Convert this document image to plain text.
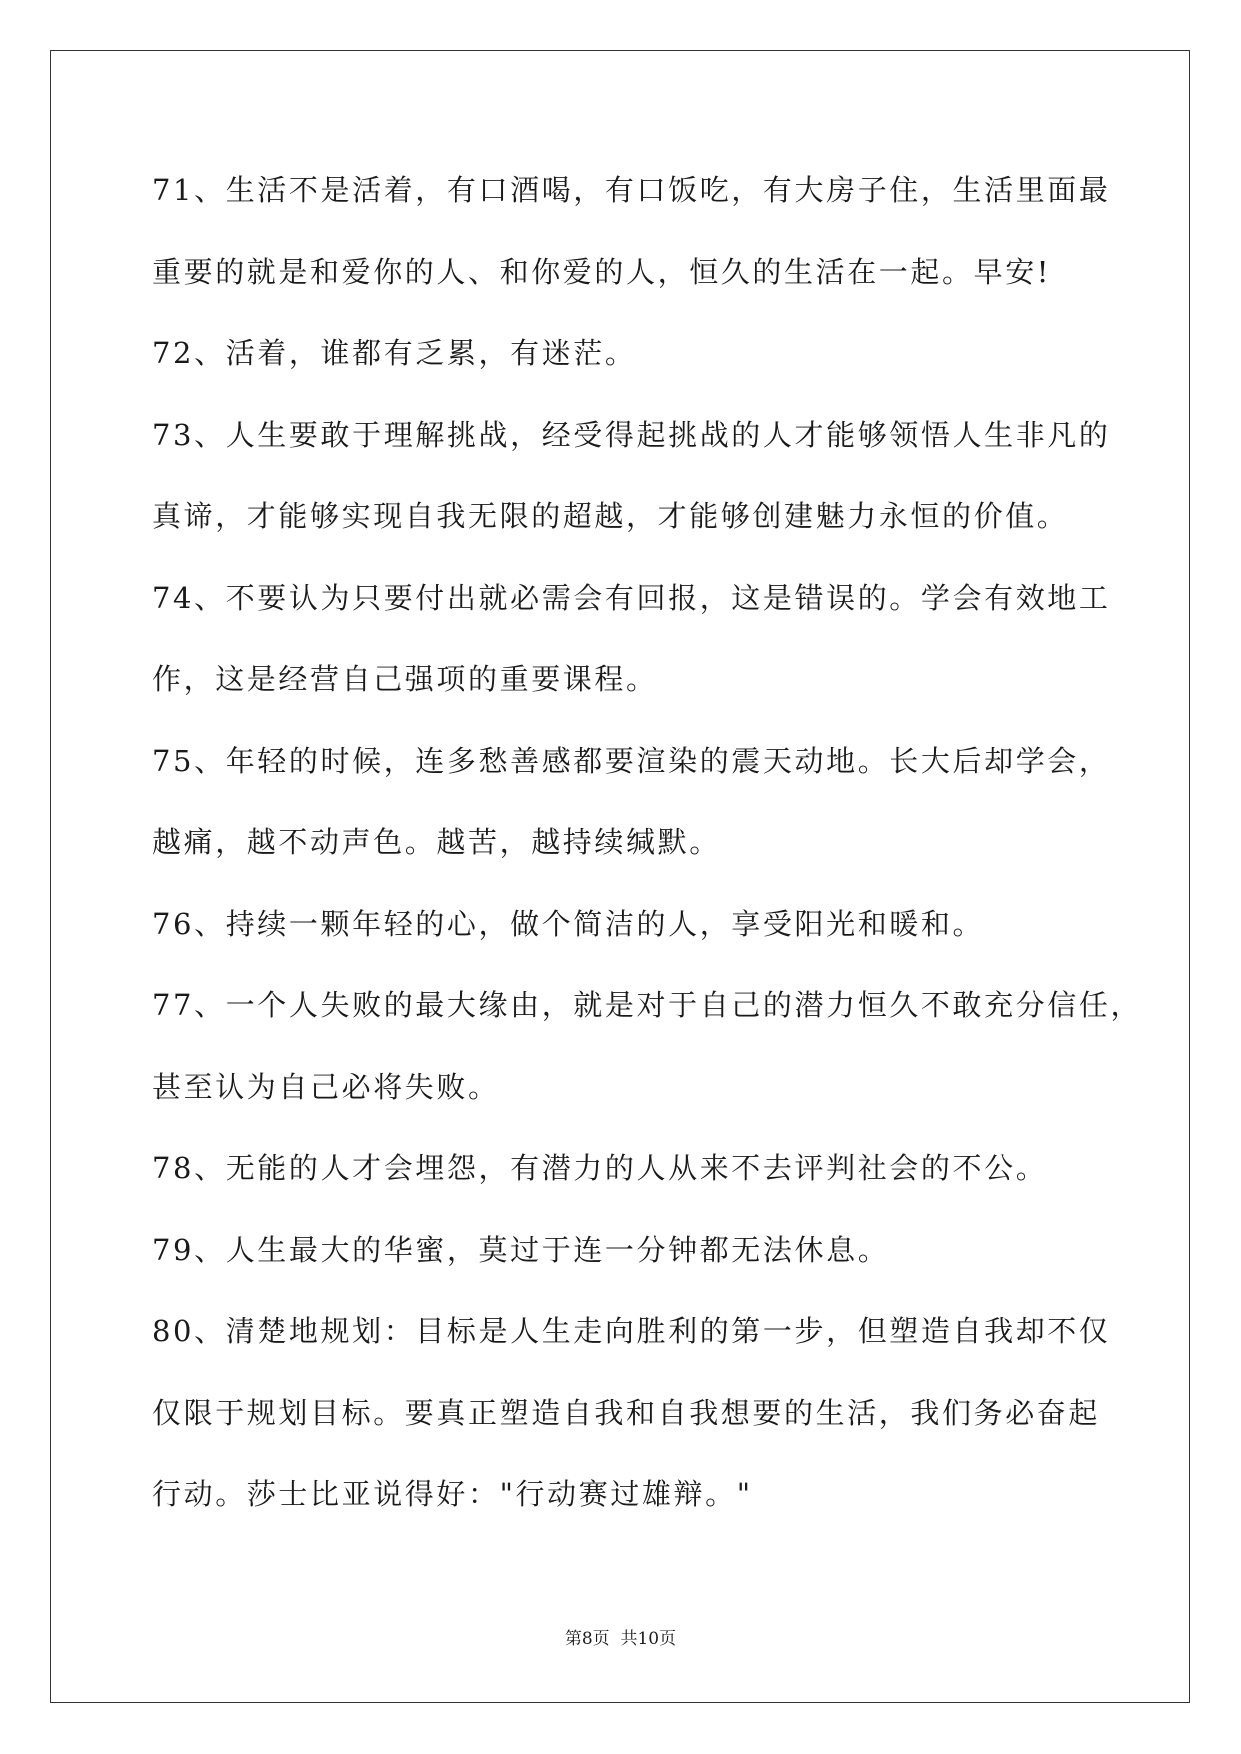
71、生活不是活着，有口酒喝，有口饭吃，有大房子住，生活里面最
重要的就是和爱你的人、和你爱的人，恒久的生活在一起。早安!
72、活着，谁都有乏累，有迷茫。
73、人生要敢于理解挑战，经受得起挑战的人才能够领悟人生非凡的
真谛，才能够实现自我无限的超越，才能够创建魅力永恒的价值。
74、不要认为只要付出就必需会有回报，这是错误的。学会有效地工
作，这是经营自己强项的重要课程。
75、年轻的时候，连多愁善感都要渲染的震天动地。长大后却学会，
越痛，越不动声色。越苦，越持续缄默。
76、持续一颗年轻的心，做个简洁的人，享受阳光和暖和。
77、一个人失败的最大缘由，就是对于自己的潜力恒久不敢充分信任，
甚至认为自己必将失败。
78、无能的人才会埋怨，有潜力的人从来不去评判社会的不公。
79、人生最大的华蜜，莫过于连一分钟都无法休息。
80、清楚地规划：目标是人生走向胜利的第一步，但塑造自我却不仅
仅限于规划目标。要真正塑造自我和自我想要的生活，我们务必奋起
行动。莎士比亚说得好："行动赛过雄辩。"
第8页  共10页
